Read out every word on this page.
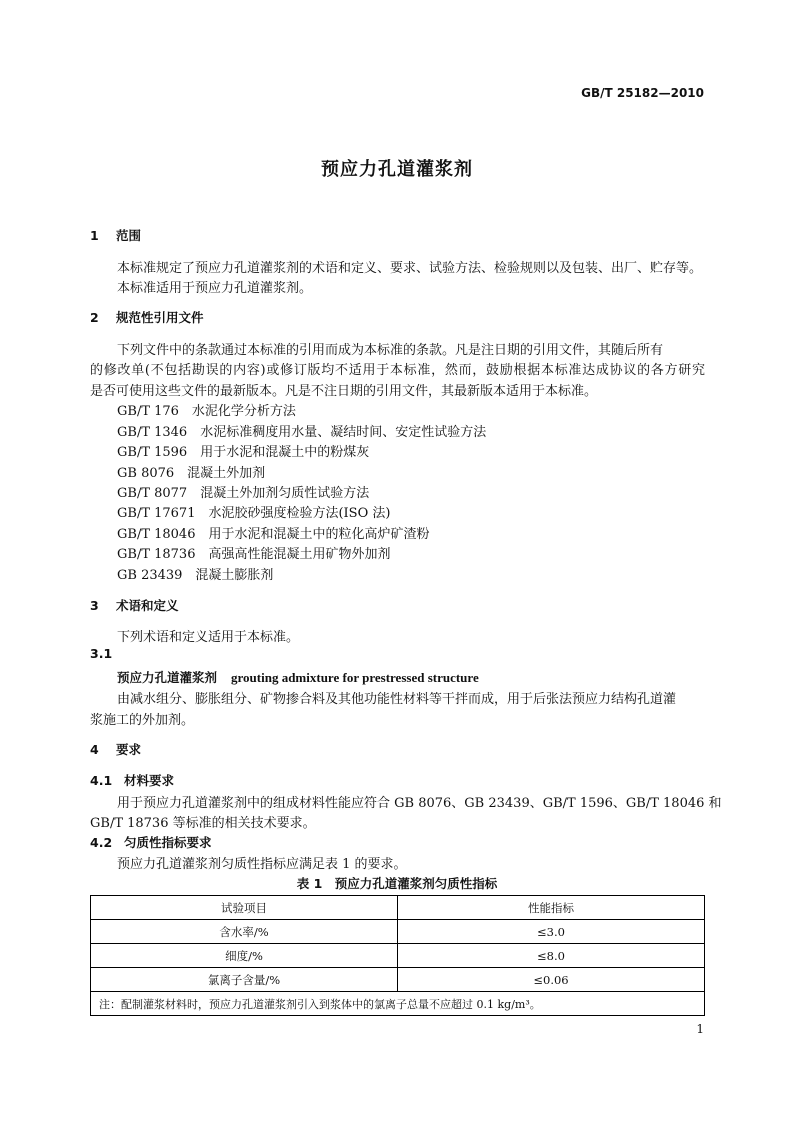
GB/T 25182—2010
预应力孔道灌浆剂
1 范围
本标准规定了预应力孔道灌浆剂的术语和定义、要求、试验方法、检验规则以及包装、出厂、贮存等。
本标准适用于预应力孔道灌浆剂。
2 规范性引用文件
下列文件中的条款通过本标准的引用而成为本标准的条款。凡是注日期的引用文件，其随后所有
的修改单(不包括勘误的内容)或修订版均不适用于本标准，然而，鼓励根据本标准达成协议的各方研究
是否可使用这些文件的最新版本。凡是不注日期的引用文件，其最新版本适用于本标准。
GB/T 176　水泥化学分析方法
GB/T 1346　水泥标准稠度用水量、凝结时间、安定性试验方法
GB/T 1596　用于水泥和混凝土中的粉煤灰
GB 8076　混凝土外加剂
GB/T 8077　混凝土外加剂匀质性试验方法
GB/T 17671　水泥胶砂强度检验方法(ISO 法)
GB/T 18046　用于水泥和混凝土中的粒化高炉矿渣粉
GB/T 18736　高强高性能混凝土用矿物外加剂
GB 23439　混凝土膨胀剂
3 术语和定义
下列术语和定义适用于本标准。
3.1
预应力孔道灌浆剂 grouting admixture for prestressed structure
由减水组分、膨胀组分、矿物掺合料及其他功能性材料等干拌而成，用于后张法预应力结构孔道灌
浆施工的外加剂。
4 要求
4.1 材料要求
用于预应力孔道灌浆剂中的组成材料性能应符合 GB 8076、GB 23439、GB/T 1596、GB/T 18046 和
GB/T 18736 等标准的相关技术要求。
4.2 匀质性指标要求
预应力孔道灌浆剂匀质性指标应满足表 1 的要求。
表 1　预应力孔道灌浆剂匀质性指标
试验项目	性能指标
含水率/%	≤3.0
细度/%	≤8.0
氯离子含量/%	≤0.06
注：配制灌浆材料时，预应力孔道灌浆剂引入到浆体中的氯离子总量不应超过 0.1 kg/m³。	
1
